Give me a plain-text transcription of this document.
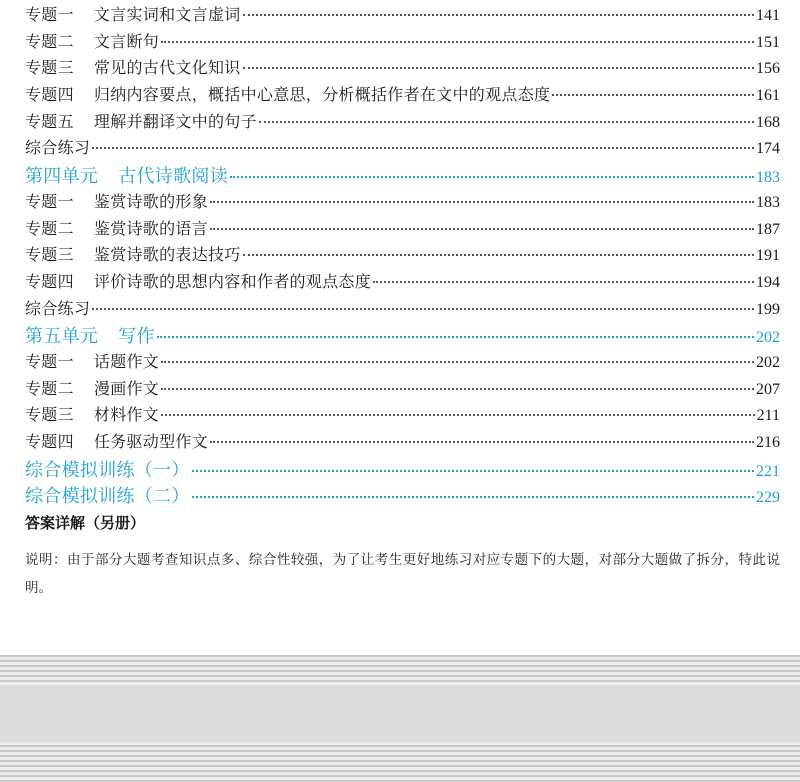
专题一 文言实词和文言虚词	141
专题二 文言断句	151
专题三 常见的古代文化知识	156
专题四 归纳内容要点，概括中心意思，分析概括作者在文中的观点态度	161
专题五 理解并翻译文中的句子	168
综合练习	174
第四单元 古代诗歌阅读	183
专题一 鉴赏诗歌的形象	183
专题二 鉴赏诗歌的语言	187
专题三 鉴赏诗歌的表达技巧	191
专题四 评价诗歌的思想内容和作者的观点态度	194
综合练习	199
第五单元 写作	202
专题一 话题作文	202
专题二 漫画作文	207
专题三 材料作文	211
专题四 任务驱动型作文	216
综合模拟训练（一）	221
综合模拟训练（二）	229
答案详解（另册）
说明：由于部分大题考查知识点多、综合性较强，为了让考生更好地练习对应专题下的大题，对部分大题做了拆分，特此说明。
